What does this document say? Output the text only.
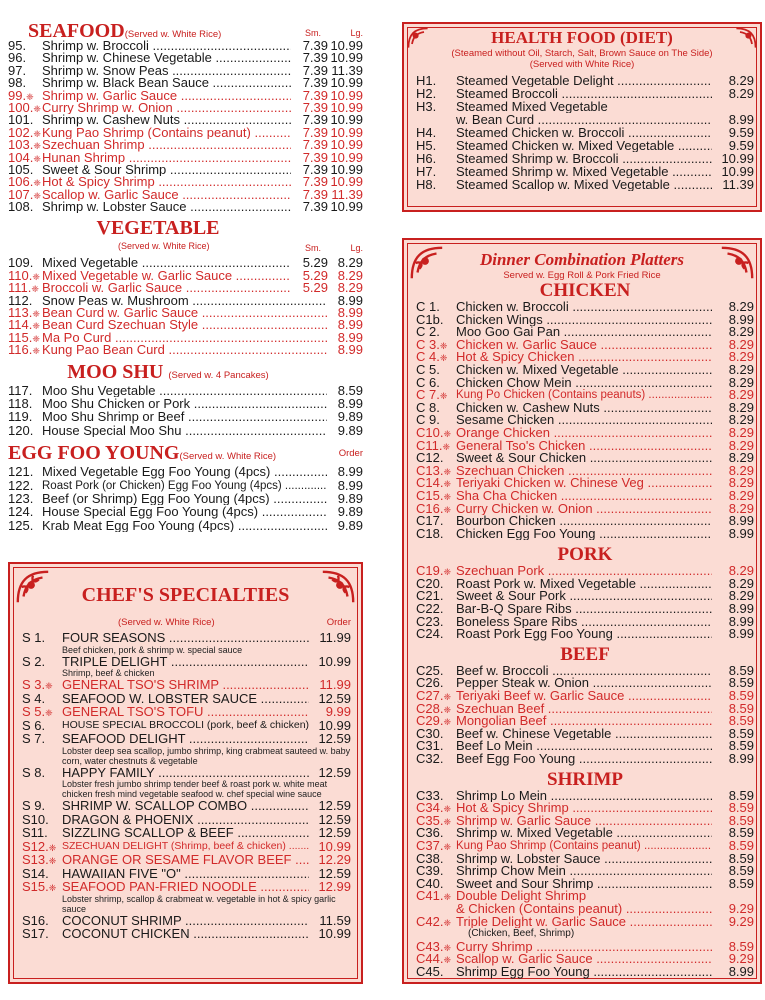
SEAFOOD(Served w. White Rice)	Sm.	Lg.
95.	Shrimp w. Broccoli .....	7.39 10.99
96.	Shrimp w. Chinese Vegetable .....	7.39 10.99
97.	Shrimp w. Snow Peas .....	7.39 11.39
98.	Shrimp w. Black Bean Sauce .....	7.39 10.99
99.❈ Shrimp w. Garlic Sauce .....	7.39 10.99
100.❈ Curry Shrimp w. Onion .....	7.39 10.99
101. Shrimp w. Cashew Nuts .....	7.39 10.99
102.❈ Kung Pao Shrimp (Contains peanut) .....	7.39 10.99
103.❈ Szechuan Shrimp .....	7.39 10.99
104.❈ Hunan Shrimp .....	7.39 10.99
105. Sweet & Sour Shrimp .....	7.39 10.99
106.❈ Hot & Spicy Shrimp .....	7.39 10.99
107.❈ Scallop w. Garlic Sauce .....	7.39 11.39
108. Shrimp w. Lobster Sauce .....	7.39 10.99
VEGETABLE
(Served w. White Rice)	Sm.	Lg.
109. Mixed Vegetable .....	5.29 8.29
110.❈ Mixed Vegetable w. Garlic Sauce .....	5.29 8.29
111.❈ Broccoli w. Garlic Sauce .....	5.29 8.29
112. Snow Peas w. Mushroom .....	8.99
113.❈ Bean Curd w. Garlic Sauce .....	8.99
114.❈ Bean Curd Szechuan Style .....	8.99
115.❈ Ma Po Curd .....	8.99
116.❈ Kung Pao Bean Curd .....	8.99
MOO SHU (Served w. 4 Pancakes)
117. Moo Shu Vegetable .....	8.59
118. Moo Shu Chicken or Pork .....	8.99
119. Moo Shu Shrimp or Beef .....	9.89
120. House Special Moo Shu .....	9.89
EGG FOO YOUNG(Served w. White Rice)	Order
121. Mixed Vegetable Egg Foo Young (4pcs) .....	8.99
122. Roast Pork (or Chicken) Egg Foo Young (4pcs) .....	8.99
123. Beef (or Shrimp) Egg Foo Young (4pcs) .....	9.89
124. House Special Egg Foo Young (4pcs) .....	9.89
125. Krab Meat Egg Foo Young (4pcs) .....	9.89
CHEF'S SPECIALTIES
(Served w. White Rice)	Order
S 1.	FOUR SEASONS .....	11.99
Beef chicken, pork & shrimp w. special sauce
S 2.	TRIPLE DELIGHT .....	10.99
Shrimp, beef & chicken
S 3.❈ GENERAL TSO'S SHRIMP .....	11.99
S 4.	SEAFOOD W. LOBSTER SAUCE .....	12.59
S 5.❈ GENERAL TSO'S TOFU .....	9.99
S 6.	HOUSE SPECIAL BROCCOLI (pork, beef & chicken) ..... 10.99
S 7.	SEAFOOD DELIGHT .....	12.59
Lobster deep sea scallop, jumbo shrimp, king crabmeat sauteed w. baby corn, water chestnuts & vegetable
S 8.	HAPPY FAMILY .....	12.59
Lobster fresh jumbo shrimp tender beef & roast pork w. white meat chicken fresh mind vegetable seafood w. chef special wine sauce
S 9.	SHRIMP W. SCALLOP COMBO .....	12.59
S10.	DRAGON & PHOENIX .....	12.59
S11.	SIZZLING SCALLOP & BEEF .....	12.59
S12.❈ SZECHUAN DELIGHT (Shrimp, beef & chicken) .....	10.99
S13.❈ ORANGE OR SESAME FLAVOR BEEF .....	12.29
S14.	HAWAIIAN FIVE "O" .....	12.59
S15.❈ SEAFOOD PAN-FRIED NOODLE .....	12.99
Lobster shrimp, scallop & crabmeat w. vegetable in hot & spicy garlic sauce
S16.	COCONUT SHRIMP .....	11.59
S17.	COCONUT CHICKEN .....	10.99
HEALTH FOOD (DIET)
(Steamed without Oil, Starch, Salt, Brown Sauce on The Side)
(Served with White Rice)
H1.	Steamed Vegetable Delight .....	8.29
H2.	Steamed Broccoli .....	8.29
H3.	Steamed Mixed Vegetable
w. Bean Curd .....	8.99
H4.	Steamed Chicken w. Broccoli .....	9.59
H5.	Steamed Chicken w. Mixed Vegetable .....	9.59
H6.	Steamed Shrimp w. Broccoli .....	10.99
H7.	Steamed Shrimp w. Mixed Vegetable .....	10.99
H8.	Steamed Scallop w. Mixed Vegetable .....	11.39
Dinner Combination Platters
Served w. Egg Roll & Pork Fried Rice
CHICKEN
C 1.	Chicken w. Broccoli .....	8.29
C1b. Chicken Wings .....	8.99
C 2.	Moo Goo Gai Pan .....	8.29
C 3.❈ Chicken w. Garlic Sauce .....	8.29
C 4.❈ Hot & Spicy Chicken .....	8.29
C 5.	Chicken w. Mixed Vegetable .....	8.29
C 6.	Chicken Chow Mein .....	8.29
C 7.❈ Kung Po Chicken (Contains peanuts) .....	8.29
C 8.	Chicken w. Cashew Nuts .....	8.29
C 9.	Sesame Chicken .....	8.29
C10.❈ Orange Chicken .....	8.29
C11.❈ General Tso's Chicken .....	8.29
C12. Sweet & Sour Chicken .....	8.29
C13.❈ Szechuan Chicken .....	8.29
C14.❈ Teriyaki Chicken w. Chinese Veg .....	8.29
C15.❈ Sha Cha Chicken .....	8.29
C16.❈ Curry Chicken w. Onion .....	8.29
C17. Bourbon Chicken .....	8.99
C18. Chicken Egg Foo Young .....	8.99
PORK
C19.❈ Szechuan Pork .....	8.29
C20. Roast Pork w. Mixed Vegetable .....	8.29
C21. Sweet & Sour Pork .....	8.29
C22. Bar-B-Q Spare Ribs .....	8.99
C23. Boneless Spare Ribs .....	8.99
C24. Roast Pork Egg Foo Young .....	8.99
BEEF
C25. Beef w. Broccoli .....	8.59
C26. Pepper Steak w. Onion .....	8.59
C27.❈ Teriyaki Beef w. Garlic Sauce .....	8.59
C28.❈ Szechuan Beef .....	8.59
C29.❈ Mongolian Beef .....	8.59
C30. Beef w. Chinese Vegetable .....	8.59
C31. Beef Lo Mein .....	8.59
C32. Beef Egg Foo Young .....	8.99
SHRIMP
C33. Shrimp Lo Mein .....	8.59
C34.❈ Hot & Spicy Shrimp .....	8.59
C35.❈ Shrimp w. Garlic Sauce .....	8.59
C36. Shrimp w. Mixed Vegetable .....	8.59
C37.❈ Kung Pao Shrimp (Contains peanut) .....	8.59
C38. Shrimp w. Lobster Sauce .....	8.59
C39. Shrimp Chow Mein .....	8.59
C40. Sweet and Sour Shrimp .....	8.59
C41.❈ Double Delight Shrimp
& Chicken (Contains peanut) .....	9.29
C42.❈ Triple Delight w. Garlic Sauce .....	9.29
(Chicken, Beef, Shrimp)
C43.❈ Curry Shrimp .....	8.59
C44.❈ Scallop w. Garlic Sauce .....	9.29
C45. Shrimp Egg Foo Young .....	8.99
